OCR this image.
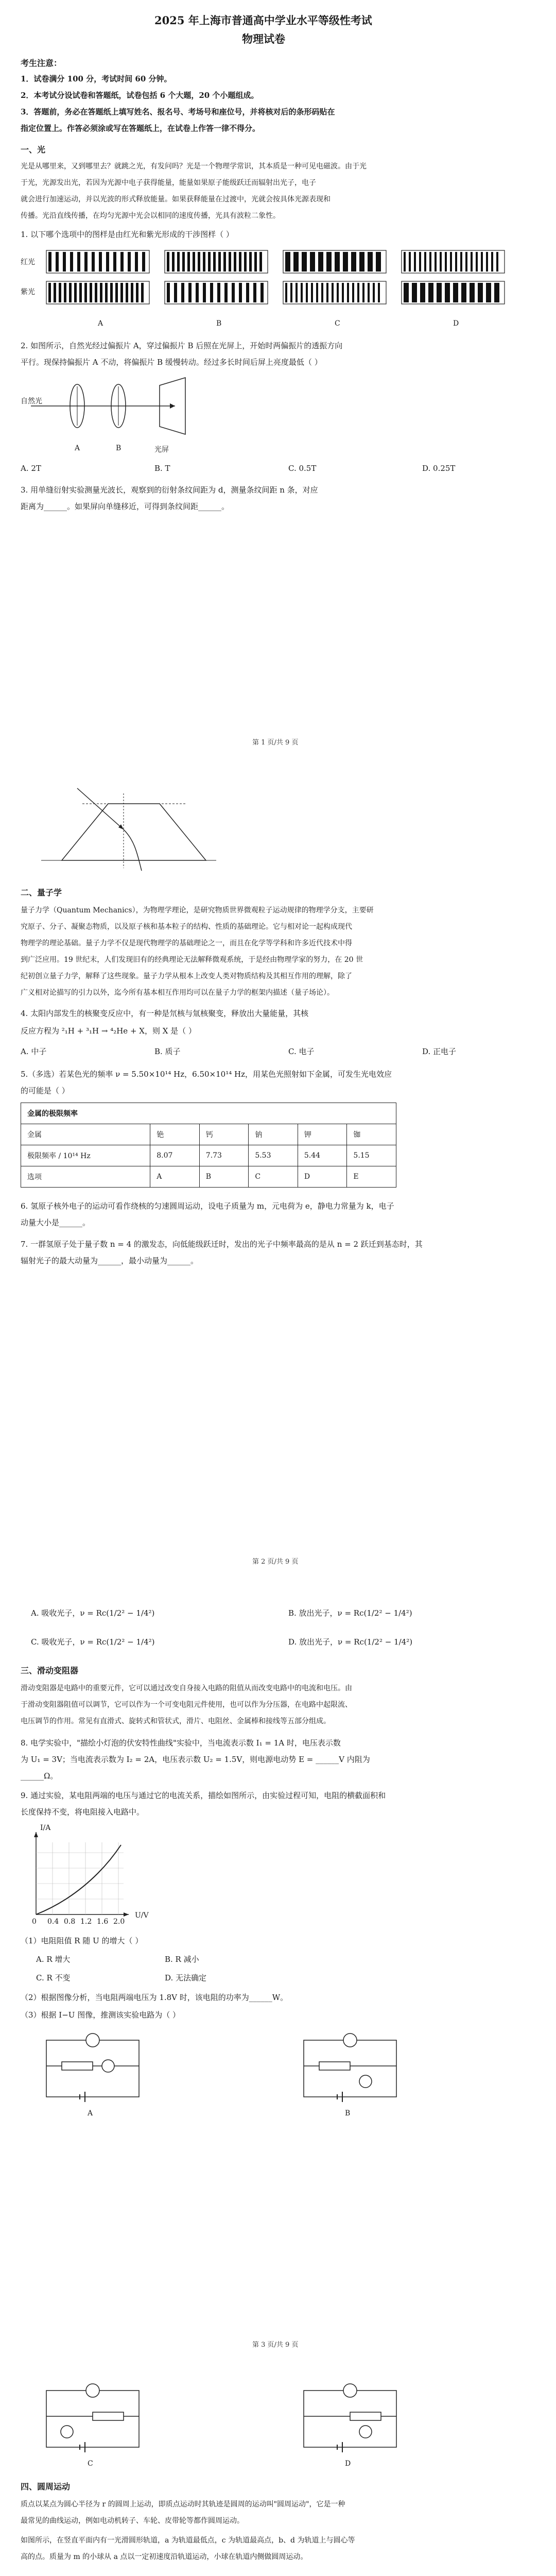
2025 年上海市普通高中学业水平等级性考试
物理试卷
考生注意：
1．试卷满分 100 分，考试时间 60 分钟。
2．本考试分设试卷和答题纸，试卷包括 6 个大题，20 个小题组成。
3．答题前，务必在答题纸上填写姓名、报名号、考场号和座位号，并将核对后的条形码贴在
指定位置上。作答必须涂或写在答题纸上，在试卷上作答一律不得分。
一、光
光是从哪里来，又到哪里去？就跳之光，有发问吗？光是一个物理学常识，其本质是一种可见电磁波。由于光
于光，光源发出光，若因为光源中电子获得能量，能量如果原子能级跃迁而辐射出光子，电子
就会进行加速运动，并以光波的形式释放能量。如果获释能量在过渡中，光就会按具体光源表现和
传播。光沿直线传播，在均匀光源中光会以相同的速度传播，光具有波粒二象性。
1. 以下哪个选项中的图样是由红光和紫光形成的干涉图样（ ）
红光
紫光
A	B	C	D
2. 如图所示，自然光经过偏振片 A，穿过偏振片 B 后照在光屏上，开始时两偏振片的透振方向
平行。现保持偏振片 A 不动，将偏振片 B 缓慢转动。经过多长时间后屏上亮度最低（ ）
自然光
A	B	光屏
A. 2T	B. T	C. 0.5T	D. 0.25T
3. 用单缝衍射实验测量光波长，观察到的衍射条纹间距为 d，测量条纹间距 n 条，对应
距离为______。如果屏向单缝移近，可得到条纹间距______。
第 1 页/共 9 页
二、量子学
量子力学（Quantum Mechanics），为物理学理论，是研究物质世界微观粒子运动规律的物理学分支，主要研
究原子、分子、凝聚态物质，以及原子核和基本粒子的结构、性质的基础理论。它与相对论一起构成现代
物理学的理论基础。量子力学不仅是现代物理学的基础理论之一，而且在化学等学科和许多近代技术中得
到广泛应用。19 世纪末，人们发现旧有的经典理论无法解释微观系统，于是经由物理学家的努力，在 20 世
纪初创立量子力学，解释了这些现象。量子力学从根本上改变人类对物质结构及其相互作用的理解，除了
广义相对论描写的引力以外，迄今所有基本相互作用均可以在量子力学的框架内描述（量子场论）。
4. 太阳内部发生的核聚变反应中，有一种是氘核与氚核聚变，释放出大量能量，其核
反应方程为 ²₁H + ³₁H → ⁴₂He + X，则 X 是（ ）
A. 中子	B. 质子	C. 电子	D. 正电子
5.（多选）若某色光的频率 ν = 5.50×10¹⁴ Hz，6.50×10¹⁴ Hz，用某色光照射如下金属，可发生光电效应
的可能是（ ）
金属的极限频率					
金属	铯	钙	钠	钾	铷
极限频率 / 10¹⁴ Hz	8.07	7.73	5.53	5.44	5.15
选项	A	B	C	D	E
6. 氢原子核外电子的运动可看作绕核的匀速圆周运动，设电子质量为 m，元电荷为 e，静电力常量为 k，电子
动量大小是______。
7. 一群氢原子处于量子数 n = 4 的激发态，向低能级跃迁时，发出的光子中频率最高的是从 n = 2 跃迁到基态时，其
辐射光子的最大动量为______，最小动量为______。
第 2 页/共 9 页
A. 吸收光子，ν = Rc(1/2² − 1/4²)	B. 放出光子，ν = Rc(1/2² − 1/4²)
C. 吸收光子，ν = Rc(1/2² − 1/4²)	D. 放出光子，ν = Rc(1/2² − 1/4²)
三、滑动变阻器
滑动变阻器是电路中的重要元件，它可以通过改变自身接入电路的阻值从而改变电路中的电流和电压。由
于滑动变阻器阻值可以调节，它可以作为一个可变电阻元件使用，也可以作为分压器，在电路中起限流、
电压调节的作用。常见有直滑式、旋转式和管状式，滑片、电阻丝、金属棒和接线等五部分组成。
8. 电学实验中，"描绘小灯泡的伏安特性曲线"实验中，当电流表示数 I₁ = 1A 时，电压表示数
为 U₁ = 3V；当电流表示数为 I₂ = 2A，电压表示数 U₂ = 1.5V，则电源电动势 E = ______V 内阻为
______Ω。
9. 通过实验，某电阻两端的电压与通过它的电流关系，描绘如图所示，由实验过程可知，电阻的横截面积和
长度保持不变，将电阻接入电路中。
I/A
U/V
0 0.4 0.8 1.2 1.6 2.0
（1）电阻阻值 R 随 U 的增大（ ）
A. R 增大	B. R 减小
C. R 不变	D. 无法确定
（2）根据图像分析，当电阻两端电压为 1.8V 时，该电阻的功率为______W。
（3）根据 I−U 图像，推测该实验电路为（ ）
A	B
第 3 页/共 9 页
C	D
四、圆周运动
质点以某点为圆心半径为 r 的圆周上运动，即质点运动时其轨迹是圆周的运动叫"圆周运动"，它是一种
最常见的曲线运动，例如电动机转子、车轮、皮带轮等都作圆周运动。
如图所示，在竖直平面内有一光滑圆形轨道，a 为轨道最低点，c 为轨道最高点，b、d 为轨道上与圆心等
高的点。质量为 m 的小球从 a 点以一定初速度沿轨道运动，小球在轨道内侧做圆周运动。
